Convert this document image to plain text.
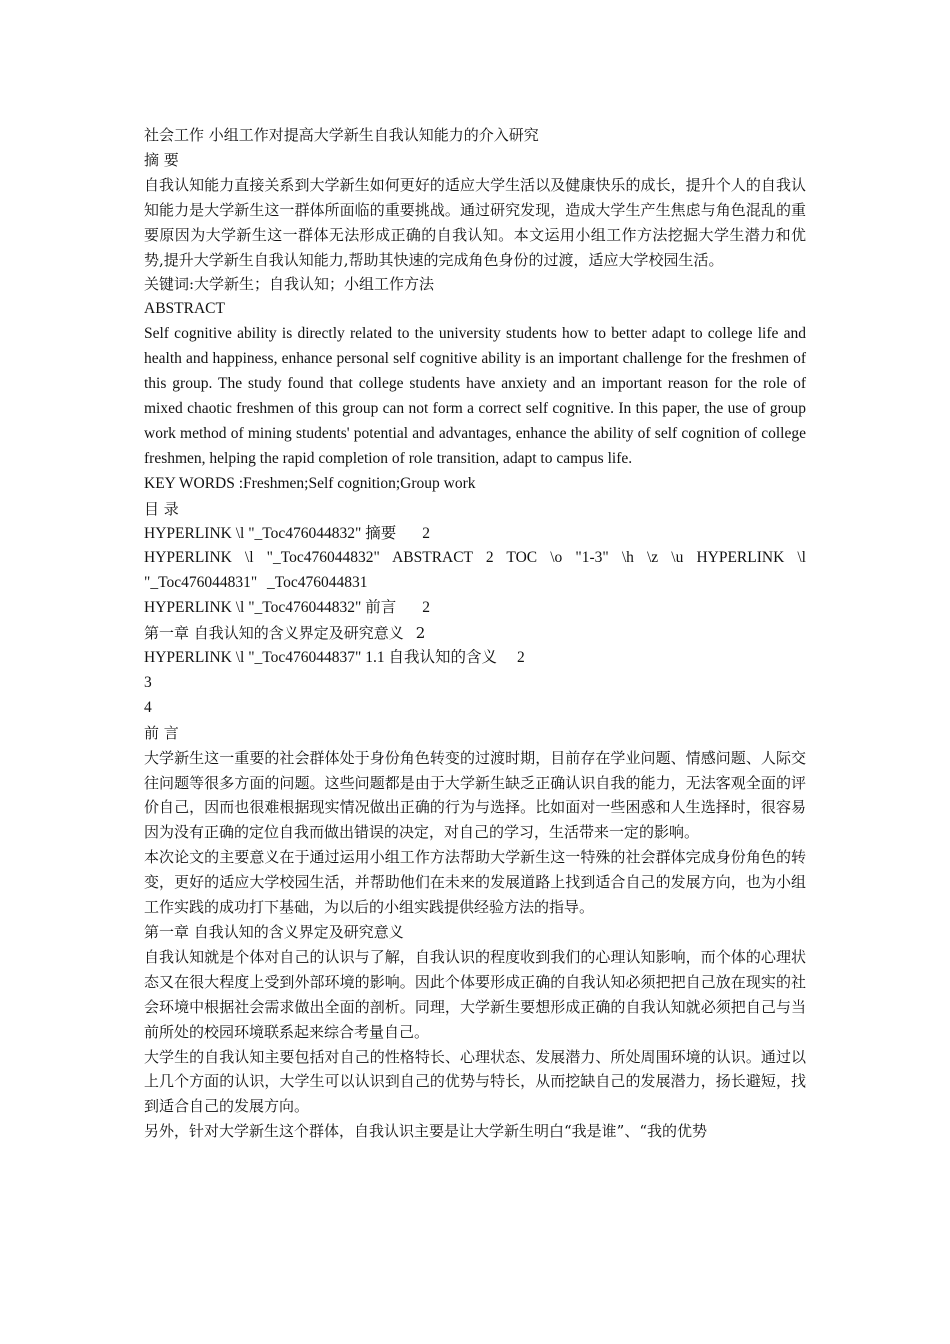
社会工作 小组工作对提高大学新生自我认知能力的介入研究

摘 要

自我认知能力直接关系到大学新生如何更好的适应大学生活以及健康快乐的成长，提升个人的自我认知能力是大学新生这一群体所面临的重要挑战。通过研究发现，造成大学生产生焦虑与角色混乱的重要原因为大学新生这一群体无法形成正确的自我认知。本文运用小组工作方法挖掘大学生潜力和优势,提升大学新生自我认知能力,帮助其快速的完成角色身份的过渡，适应大学校园生活。

关键词:大学新生；自我认知；小组工作方法

ABSTRACT

Self cognitive ability is directly related to the university students how to better adapt to college life and health and happiness, enhance personal self cognitive ability is an important challenge for the freshmen of this group. The study found that college students have anxiety and an important reason for the role of mixed chaotic freshmen of this group can not form a correct self cognitive. In this paper, the use of group work method of mining students' potential and advantages, enhance the ability of self cognition of college freshmen, helping the rapid completion of role transition, adapt to campus life.

KEY WORDS :Freshmen;Self cognition;Group work

目 录

HYPERLINK \l "_Toc476044832" 摘要 2

HYPERLINK \l "_Toc476044832" ABSTRACT 2 TOC \o "1-3" \h \z \u HYPERLINK \l "_Toc476044831" _Toc476044831

HYPERLINK \l "_Toc476044832" 前言 2

第一章 自我认知的含义界定及研究意义 2

HYPERLINK \l "_Toc476044837" 1.1 自我认知的含义 2

3

4

前 言

大学新生这一重要的社会群体处于身份角色转变的过渡时期，目前存在学业问题、情感问题、人际交往问题等很多方面的问题。这些问题都是由于大学新生缺乏正确认识自我的能力，无法客观全面的评价自己，因而也很难根据现实情况做出正确的行为与选择。比如面对一些困惑和人生选择时，很容易因为没有正确的定位自我而做出错误的决定，对自己的学习，生活带来一定的影响。

本次论文的主要意义在于通过运用小组工作方法帮助大学新生这一特殊的社会群体完成身份角色的转变，更好的适应大学校园生活，并帮助他们在未来的发展道路上找到适合自己的发展方向，也为小组工作实践的成功打下基础，为以后的小组实践提供经验方法的指导。

第一章 自我认知的含义界定及研究意义

自我认知就是个体对自己的认识与了解，自我认识的程度收到我们的心理认知影响，而个体的心理状态又在很大程度上受到外部环境的影响。因此个体要形成正确的自我认知必须把把自己放在现实的社会环境中根据社会需求做出全面的剖析。同理，大学新生要想形成正确的自我认知就必须把自己与当前所处的校园环境联系起来综合考量自己。

大学生的自我认知主要包括对自己的性格特长、心理状态、发展潜力、所处周围环境的认识。通过以上几个方面的认识，大学生可以认识到自己的优势与特长，从而挖缺自己的发展潜力，扬长避短，找到适合自己的发展方向。

另外，针对大学新生这个群体，自我认识主要是让大学新生明白“我是谁”、“我的优势
